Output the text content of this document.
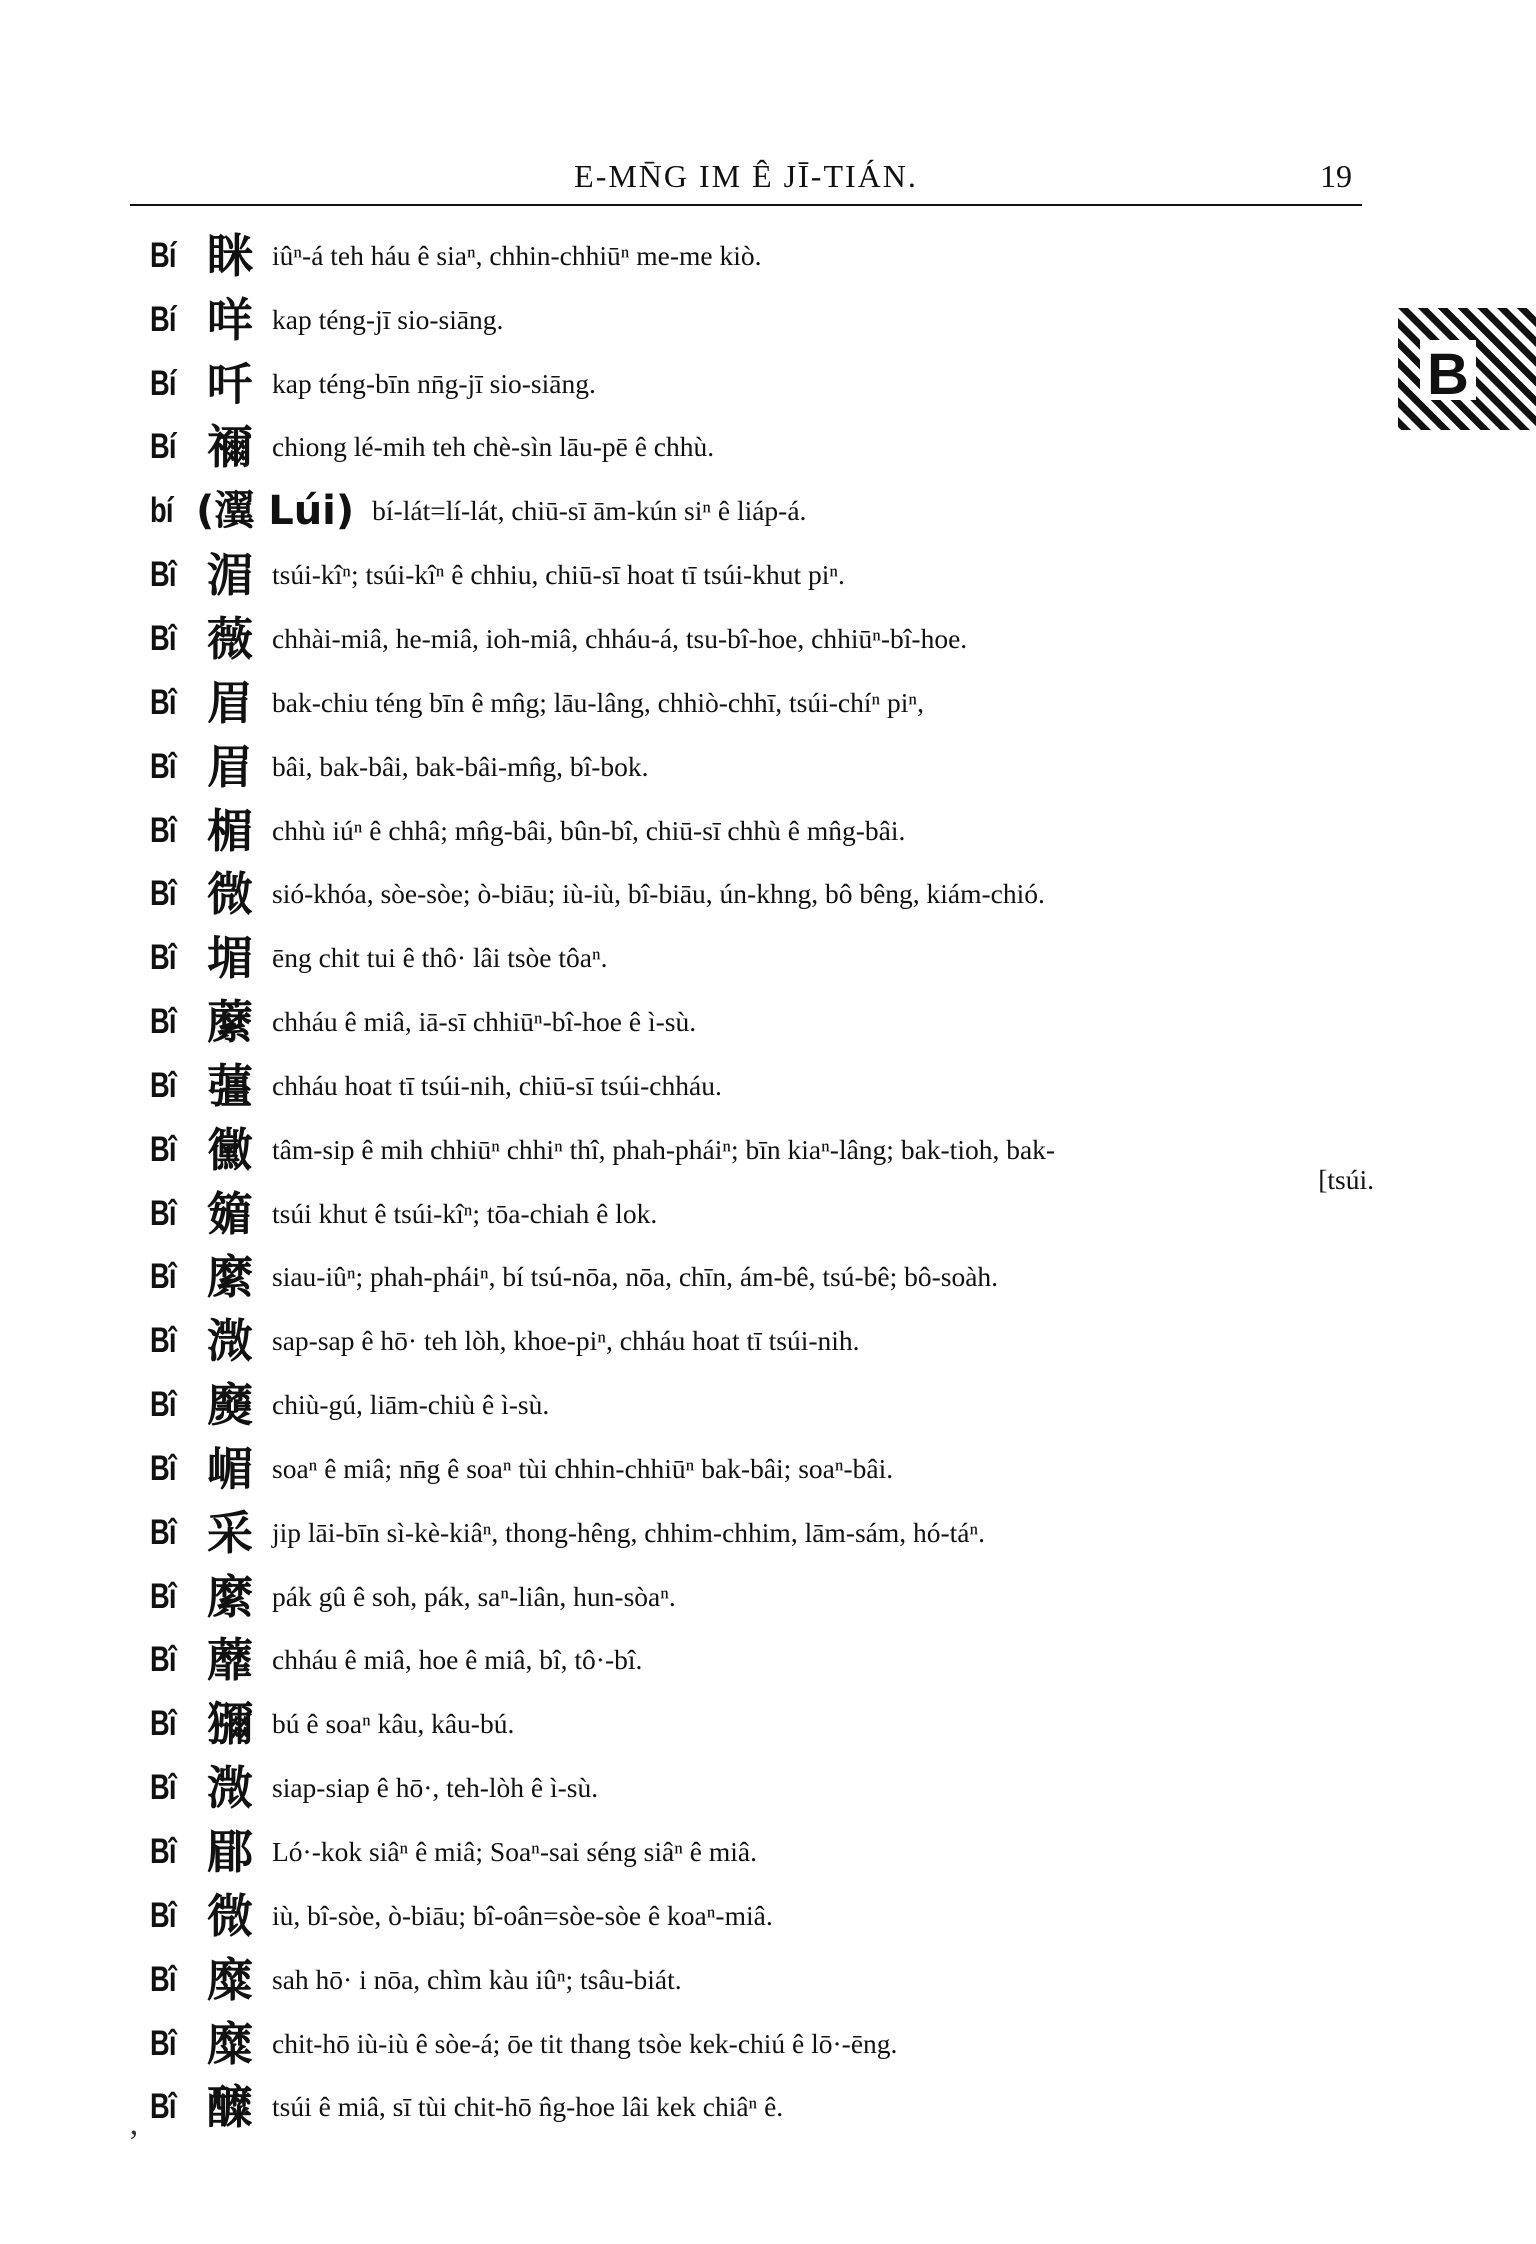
E-MN̄G IM Ê JĪ-TIÁN.	19
B
ʼ
Bí 眯 iûⁿ-á teh háu ê siaⁿ, chhin-chhiūⁿ me-me kiò.
Bí 咩 kap téng-jī sio-siāng.
Bí 吀 kap téng-bīn nn̄g-jī sio-siāng.
Bí 禰 chiong lé-mih teh chè-sìn lāu-pē ê chhù.
bí (瀷 Lúi) bí-lát=lí-lát, chiū-sī ām-kún siⁿ ê liáp-á.
Bî 湄 tsúi-kîⁿ; tsúi-kîⁿ ê chhiu, chiū-sī hoat tī tsúi-khut piⁿ.
Bî 薇 chhài-miâ, he-miâ, ioh-miâ, chháu-á, tsu-bî-hoe, chhiūⁿ-bî-hoe.
Bî 眉 bak-chiu téng bīn ê mn̂g; lāu-lâng, chhiò-chhī, tsúi-chíⁿ piⁿ,
Bî 眉 bâi, bak-bâi, bak-bâi-mn̂g, bî-bok.
Bî 楣 chhù iúⁿ ê chhâ; mn̂g-bâi, bûn-bî, chiū-sī chhù ê mn̂g-bâi.
Bî 微 sió-khóa, sòe-sòe; ò-biāu; iù-iù, bî-biāu, ún-khng, bô bêng, kiám-chió.
Bî 堳 ēng chit tui ê thô· lâi tsòe tôaⁿ.
Bî 䕷 chháu ê miâ, iā-sī chhiūⁿ-bî-hoe ê ì-sù.
Bî 䕬 chháu hoat tī tsúi-nih, chiū-sī tsúi-chháu.
Bî 黴 tâm-sip ê mih chhiūⁿ chhiⁿ thî, phah-pháiⁿ; bīn kiaⁿ-lâng; bak-tioh, bak-
[tsúi.
Bî 䉋 tsúi khut ê tsúi-kîⁿ; tōa-chiah ê lok.
Bî 縻 siau-iûⁿ; phah-pháiⁿ, bí tsú-nōa, nōa, chīn, ám-bê, tsú-bê; bô-soàh.
Bî 溦 sap-sap ê hō· teh lòh, khoe-piⁿ, chháu hoat tī tsúi-nih.
Bî 㸏 chiù-gú, liām-chiù ê ì-sù.
Bî 嵋 soaⁿ ê miâ; nn̄g ê soaⁿ tùi chhin-chhiūⁿ bak-bâi; soaⁿ-bâi.
Bî 采 jip lāi-bīn sì-kè-kiâⁿ, thong-hêng, chhim-chhim, lām-sám, hó-táⁿ.
Bî 縻 pák gû ê soh, pák, saⁿ-liân, hun-sòaⁿ.
Bî 蘼 chháu ê miâ, hoe ê miâ, bî, tô·-bî.
Bî 獼 bú ê soaⁿ kâu, kâu-bú.
Bî 溦 siap-siap ê hō·, teh-lòh ê ì-sù.
Bî 郿 Ló·-kok siâⁿ ê miâ; Soaⁿ-sai séng siâⁿ ê miâ.
Bî 微 iù, bî-sòe, ò-biāu; bî-oân=sòe-sòe ê koaⁿ-miâ.
Bî 糜 sah hō· i nōa, chìm kàu iûⁿ; tsâu-biát.
Bî 糜 chit-hō iù-iù ê sòe-á; ōe tit thang tsòe kek-chiú ê lō·-ēng.
Bî 醾 tsúi ê miâ, sī tùi chit-hō n̂g-hoe lâi kek chiâⁿ ê.
